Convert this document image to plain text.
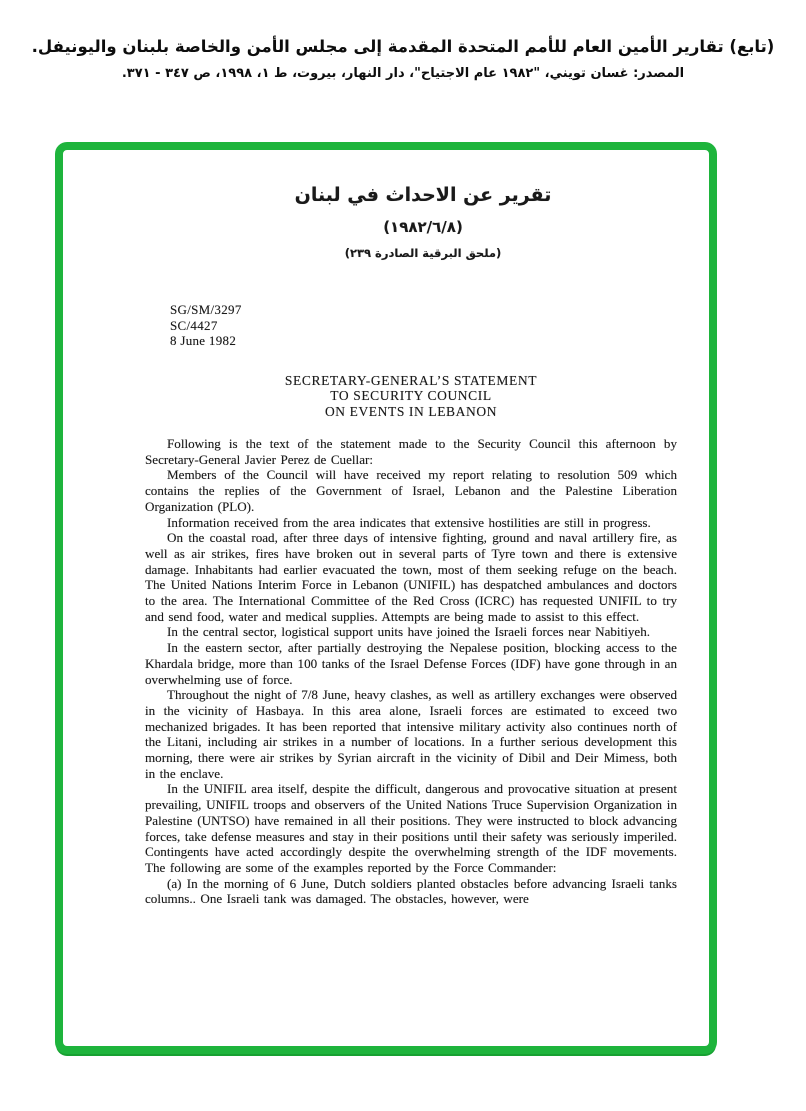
(تابع) تقارير الأمين العام للأمم المتحدة المقدمة إلى مجلس الأمن والخاصة بلبنان واليونيفل.
المصدر: غسان تويني، "١٩٨٢ عام الاجتياح"، دار النهار، بيروت، ط ١، ١٩٩٨، ص ٣٤٧ - ٣٧١.
تقرير عن الاحداث في لبنان
(١٩٨٢/٦/٨)
(ملحق البرقية الصادرة ٢٣٩)
SG/SM/3297
SC/4427
8 June 1982
SECRETARY-GENERAL’S STATEMENT
TO SECURITY COUNCIL
ON EVENTS IN LEBANON

Following is the text of the statement made to the Security Council this afternoon by Secretary-General Javier Perez de Cuellar:

Members of the Council will have received my report relating to resolution 509 which contains the replies of the Government of Israel, Lebanon and the Palestine Liberation Organization (PLO).

Information received from the area indicates that extensive hostilities are still in progress.

On the coastal road, after three days of intensive fighting, ground and naval artillery fire, as well as air strikes, fires have broken out in several parts of Tyre town and there is extensive damage. Inhabitants had earlier evacuated the town, most of them seeking refuge on the beach. The United Nations Interim Force in Lebanon (UNIFIL) has despatched ambulances and doctors to the area. The International Committee of the Red Cross (ICRC) has requested UNIFIL to try and send food, water and medical supplies. Attempts are being made to assist to this effect.

In the central sector, logistical support units have joined the Israeli forces near Nabitiyeh.

In the eastern sector, after partially destroying the Nepalese position, blocking access to the Khardala bridge, more than 100 tanks of the Israel Defense Forces (IDF) have gone through in an overwhelming use of force.

Throughout the night of 7/8 June, heavy clashes, as well as artillery exchanges were observed in the vicinity of Hasbaya. In this area alone, Israeli forces are estimated to exceed two mechanized brigades. It has been reported that intensive military activity also continues north of the Litani, including air strikes in a number of locations. In a further serious development this morning, there were air strikes by Syrian aircraft in the vicinity of Dibil and Deir Mimess, both in the enclave.

In the UNIFIL area itself, despite the difficult, dangerous and provocative situation at present prevailing, UNIFIL troops and observers of the United Nations Truce Supervision Organization in Palestine (UNTSO) have remained in all their positions. They were instructed to block advancing forces, take defense measures and stay in their positions until their safety was seriously imperiled. Contingents have acted accordingly despite the overwhelming strength of the IDF movements. The following are some of the examples reported by the Force Commander:

(a) In the morning of 6 June, Dutch soldiers planted obstacles before advancing Israeli tanks columns.. One Israeli tank was damaged. The obstacles, however, were
